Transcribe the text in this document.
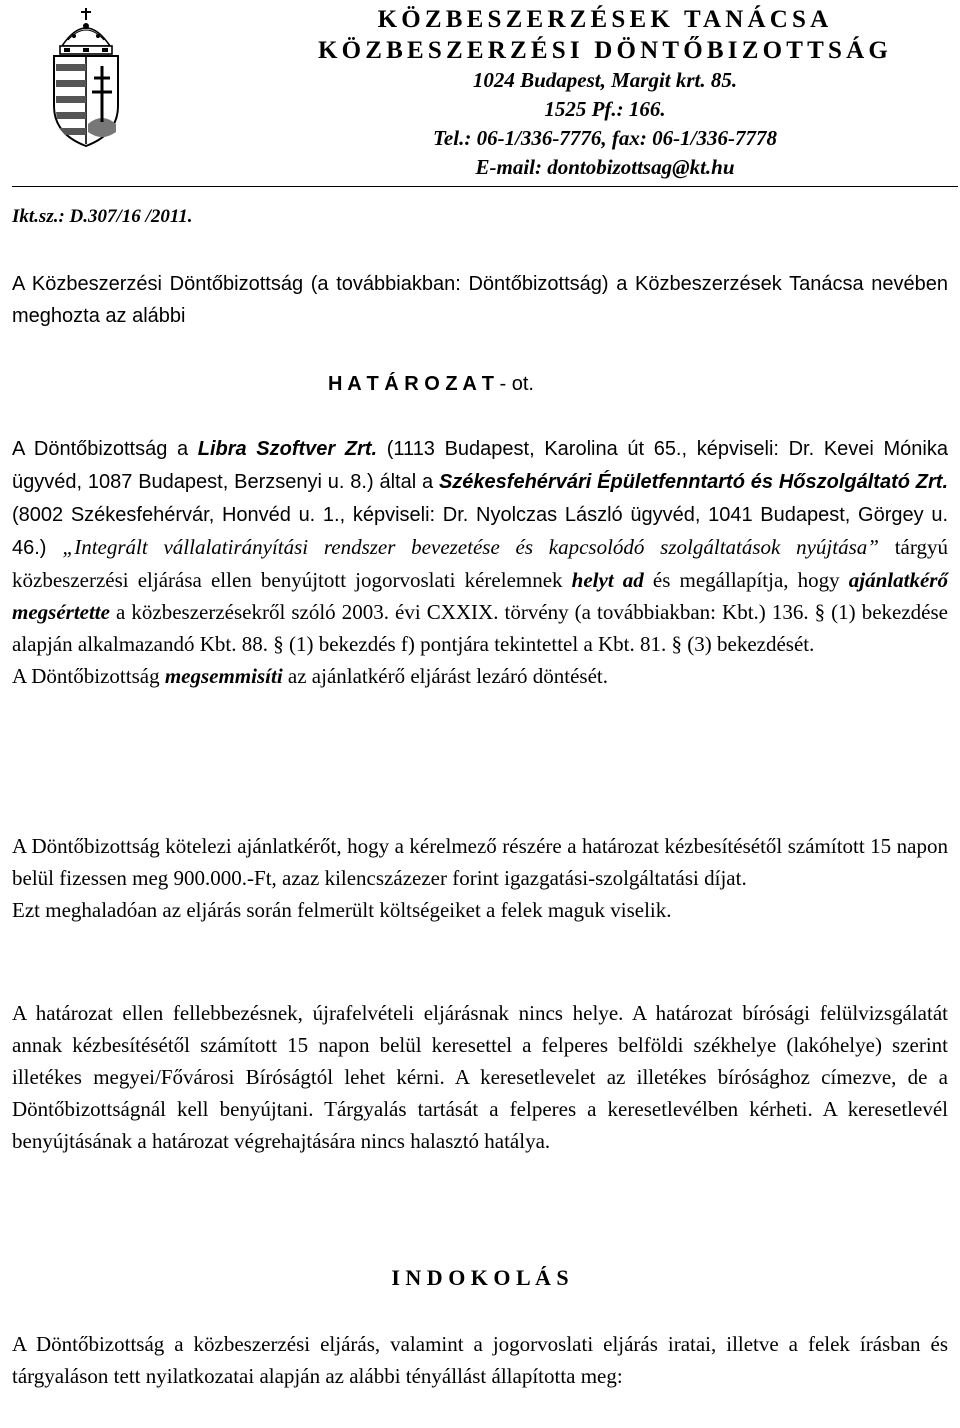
KÖZBESZERZÉSEK TANÁCSA
KÖZBESZERZÉSI DÖNTŐBIZOTTSÁG
1024 Budapest, Margit krt. 85.
1525 Pf.: 166.
Tel.: 06-1/336-7776, fax: 06-1/336-7778
E-mail: dontobizottsag@kt.hu
Ikt.sz.: D.307/16 /2011.

A Közbeszerzési Döntőbizottság (a továbbiakban: Döntőbizottság) a Közbeszerzések Tanácsa nevében meghozta az alábbi

H A T Á R O Z A T - ot.

A Döntőbizottság a Libra Szoftver Zrt. (1113 Budapest, Karolina út 65., képviseli: Dr. Kevei Mónika ügyvéd, 1087 Budapest, Berzsenyi u. 8.) által a Székesfehérvári Épületfenntartó és Hőszolgáltató Zrt. (8002 Székesfehérvár, Honvéd u. 1., képviseli: Dr. Nyolczas László ügyvéd, 1041 Budapest, Görgey u. 46.) „Integrált vállalatirányítási rendszer bevezetése és kapcsolódó szolgáltatások nyújtása” tárgyú közbeszerzési eljárása ellen benyújtott jogorvoslati kérelemnek helyt ad és megállapítja, hogy ajánlatkérő megsértette a közbeszerzésekről szóló 2003. évi CXXIX. törvény (a továbbiakban: Kbt.) 136. § (1) bekezdése alapján alkalmazandó Kbt. 88. § (1) bekezdés f) pontjára tekintettel a Kbt. 81. § (3) bekezdését.

A Döntőbizottság megsemmisíti az ajánlatkérő eljárást lezáró döntését.

A Döntőbizottság kötelezi ajánlatkérőt, hogy a kérelmező részére a határozat kézbesítésétől számított 15 napon belül fizessen meg 900.000.-Ft, azaz kilencszázezer forint igazgatási-szolgáltatási díjat.

Ezt meghaladóan az eljárás során felmerült költségeiket a felek maguk viselik.

A határozat ellen fellebbezésnek, újrafelvételi eljárásnak nincs helye. A határozat bírósági felülvizsgálatát annak kézbesítésétől számított 15 napon belül keresettel a felperes belföldi székhelye (lakóhelye) szerint illetékes megyei/Fővárosi Bíróságtól lehet kérni. A keresetlevelet az illetékes bírósághoz címezve, de a Döntőbizottságnál kell benyújtani. Tárgyalás tartását a felperes a keresetlevélben kérheti. A keresetlevél benyújtásának a határozat végrehajtására nincs halasztó hatálya.

I N D O K O L Á S

A Döntőbizottság a közbeszerzési eljárás, valamint a jogorvoslati eljárás iratai, illetve a felek írásban és tárgyaláson tett nyilatkozatai alapján az alábbi tényállást állapította meg:
